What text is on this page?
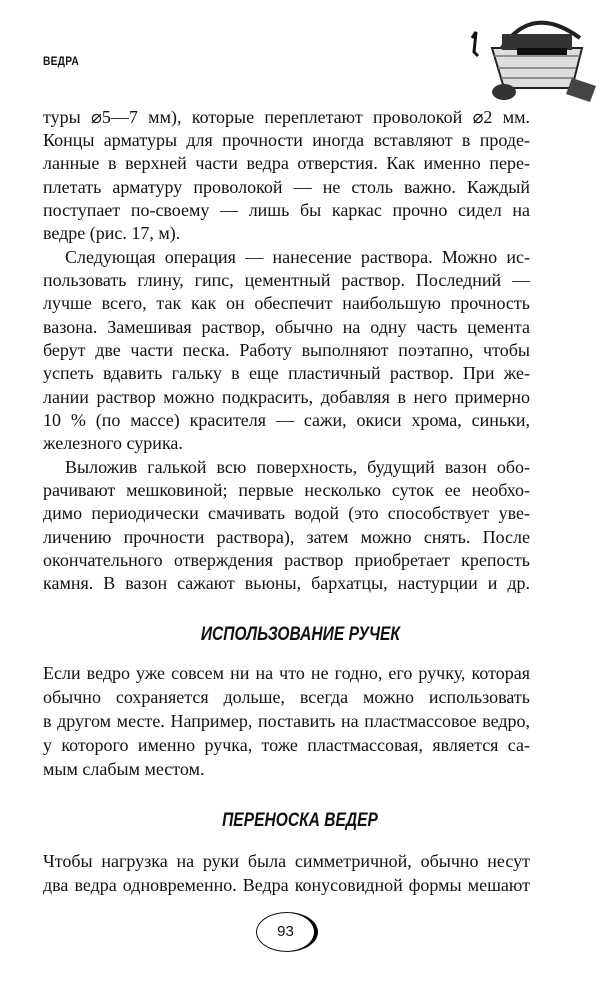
ВЕДРА
туры ⌀5—7 мм), которые переплетают проволокой ⌀2 мм.
Концы арматуры для прочности иногда вставляют в проде-
ланные в верхней части ведра отверстия. Как именно пере-
плетать арматуру проволокой — не столь важно. Каждый
поступает по-своему — лишь бы каркас прочно сидел на
ведре (рис. 17, м).
Следующая операция — нанесение раствора. Можно ис-
пользовать глину, гипс, цементный раствор. Последний —
лучше всего, так как он обеспечит наибольшую прочность
вазона. Замешивая раствор, обычно на одну часть цемента
берут две части песка. Работу выполняют поэтапно, чтобы
успеть вдавить гальку в еще пластичный раствор. При же-
лании раствор можно подкрасить, добавляя в него примерно
10 % (по массе) красителя — сажи, окиси хрома, синьки,
железного сурика.
Выложив галькой всю поверхность, будущий вазон обо-
рачивают мешковиной; первые несколько суток ее необхо-
димо периодически смачивать водой (это способствует уве-
личению прочности раствора), затем можно снять. После
окончательного отверждения раствор приобретает крепость
камня. В вазон сажают вьюны, бархатцы, настурции и др.
ИСПОЛЬЗОВАНИЕ РУЧЕК
Если ведро уже совсем ни на что не годно, его ручку, которая
обычно сохраняется дольше, всегда можно использовать
в другом месте. Например, поставить на пластмассовое ведро,
у которого именно ручка, тоже пластмассовая, является са-
мым слабым местом.
ПЕРЕНОСКА ВЕДЕР
Чтобы нагрузка на руки была симметричной, обычно несут
два ведра одновременно. Ведра конусовидной формы мешают
93
